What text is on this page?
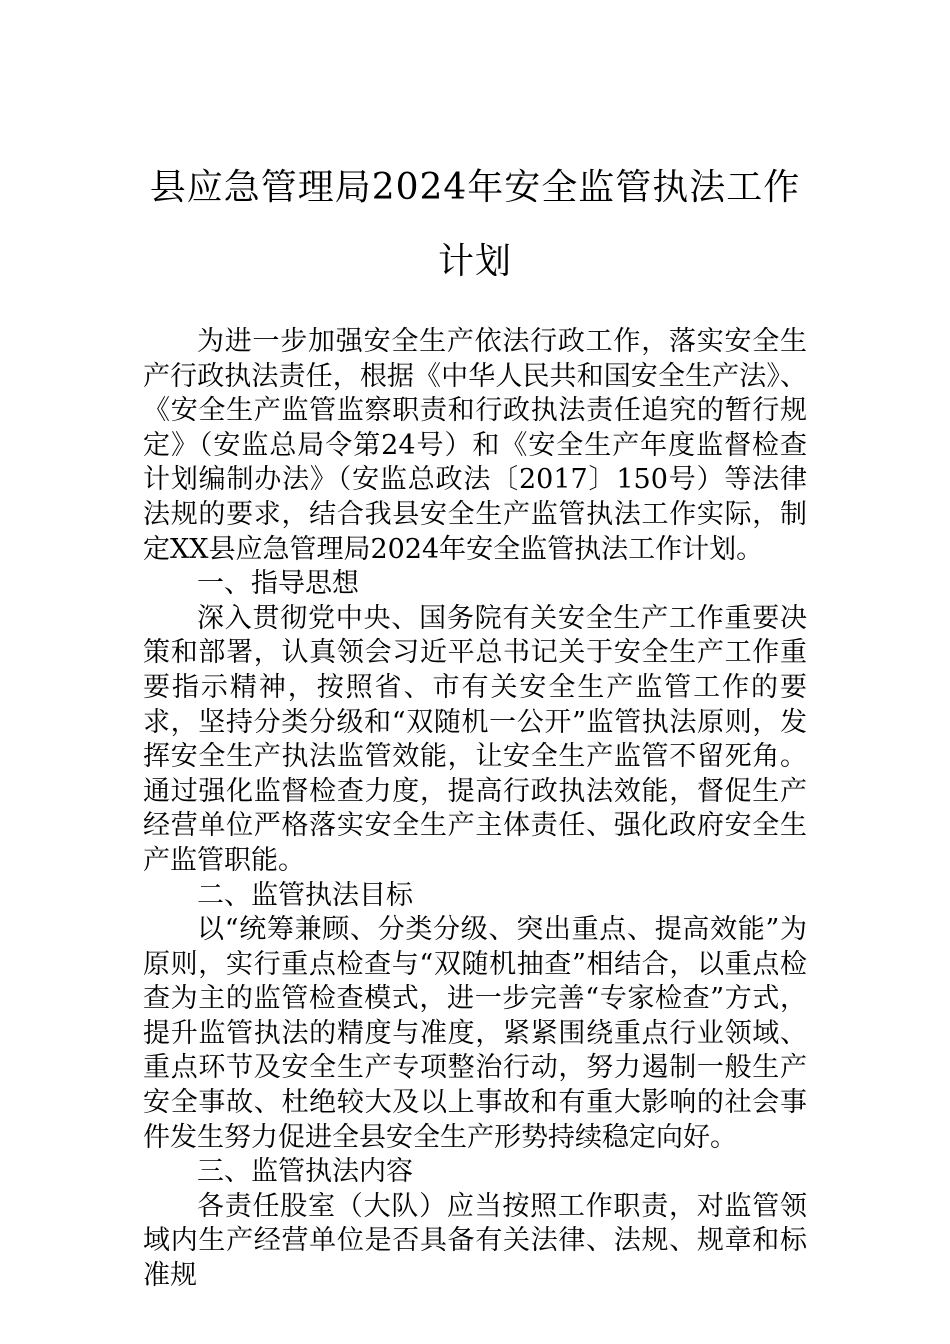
县应急管理局2024年安全监管执法工作计划

为进一步加强安全生产依法行政工作，落实安全生产行政执法责任，根据《中华人民共和国安全生产法》、《安全生产监管监察职责和行政执法责任追究的暂行规定》（安监总局令第24号）和《安全生产年度监督检查计划编制办法》（安监总政法〔2017〕150号）等法律法规的要求，结合我县安全生产监管执法工作实际，制定XX县应急管理局2024年安全监管执法工作计划。

一、指导思想

深入贯彻党中央、国务院有关安全生产工作重要决策和部署，认真领会习近平总书记关于安全生产工作重要指示精神，按照省、市有关安全生产监管工作的要求，坚持分类分级和“双随机一公开”监管执法原则，发挥安全生产执法监管效能，让安全生产监管不留死角。通过强化监督检查力度，提高行政执法效能，督促生产经营单位严格落实安全生产主体责任、强化政府安全生产监管职能。

二、监管执法目标

以“统筹兼顾、分类分级、突出重点、提高效能”为原则，实行重点检查与“双随机抽查”相结合，以重点检查为主的监管检查模式，进一步完善“专家检查”方式，提升监管执法的精度与准度，紧紧围绕重点行业领域、重点环节及安全生产专项整治行动，努力遏制一般生产安全事故、杜绝较大及以上事故和有重大影响的社会事件发生努力促进全县安全生产形势持续稳定向好。

三、监管执法内容

各责任股室（大队）应当按照工作职责，对监管领域内生产经营单位是否具备有关法律、法规、规章和标准规
